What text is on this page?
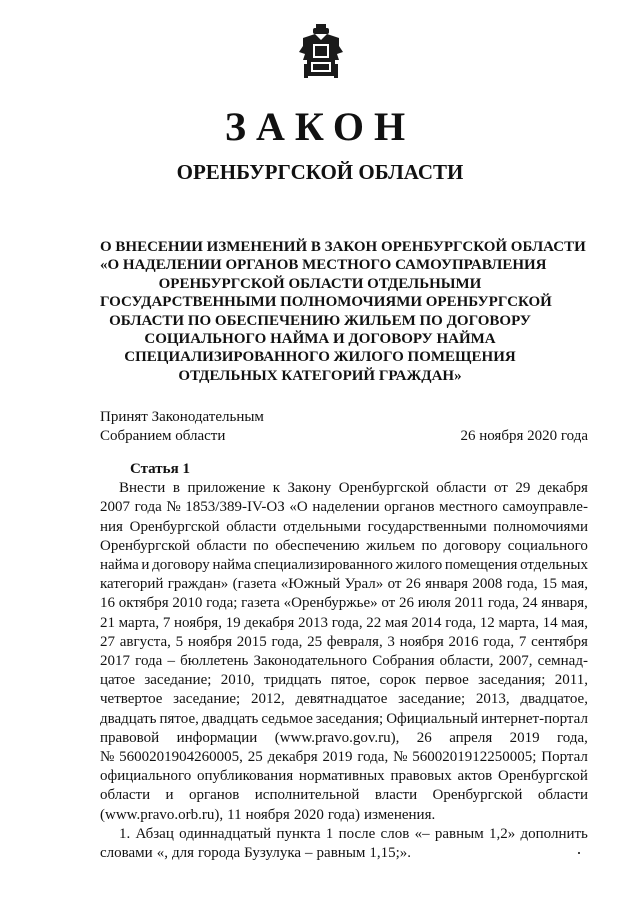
ЗАКОН
ОРЕНБУРГСКОЙ ОБЛАСТИ
О ВНЕСЕНИИ ИЗМЕНЕНИЙ В ЗАКОН ОРЕНБУРГСКОЙ ОБЛАСТИ
«О НАДЕЛЕНИИ ОРГАНОВ МЕСТНОГО САМОУПРАВЛЕНИЯ
ОРЕНБУРГСКОЙ ОБЛАСТИ ОТДЕЛЬНЫМИ
ГОСУДАРСТВЕННЫМИ ПОЛНОМОЧИЯМИ ОРЕНБУРГСКОЙ
ОБЛАСТИ ПО ОБЕСПЕЧЕНИЮ ЖИЛЬЕМ ПО ДОГОВОРУ
СОЦИАЛЬНОГО НАЙМА И ДОГОВОРУ НАЙМА
СПЕЦИАЛИЗИРОВАННОГО ЖИЛОГО ПОМЕЩЕНИЯ
ОТДЕЛЬНЫХ КАТЕГОРИЙ ГРАЖДАН»
Принят Законодательным
Собранием области	26 ноября 2020 года
Статья 1
Внести в приложение к Закону Оренбургской области от 29 декабря
2007 года № 1853/389-IV-ОЗ «О наделении органов местного самоуправле-
ния Оренбургской области отдельными государственными полномочиями
Оренбургской области по обеспечению жильем по договору социального
найма и договору найма специализированного жилого помещения отдельных
категорий граждан» (газета «Южный Урал» от 26 января 2008 года, 15 мая,
16 октября 2010 года; газета «Оренбуржье» от 26 июля 2011 года, 24 января,
21 марта, 7 ноября, 19 декабря 2013 года, 22 мая 2014 года, 12 марта, 14 мая,
27 августа, 5 ноября 2015 года, 25 февраля, 3 ноября 2016 года, 7 сентября
2017 года – бюллетень Законодательного Собрания области, 2007, семнад-
цатое заседание; 2010, тридцать пятое, сорок первое заседания; 2011,
четвертое заседание; 2012, девятнадцатое заседание; 2013, двадцатое,
двадцать пятое, двадцать седьмое заседания; Официальный интернет-портал
правовой информации (www.pravo.gov.ru), 26 апреля 2019 года,
№ 5600201904260005, 25 декабря 2019 года, № 5600201912250005; Портал
официального опубликования нормативных правовых актов Оренбургской
области и органов исполнительной власти Оренбургской области
(www.pravo.orb.ru), 11 ноября 2020 года) изменения.
1. Абзац одиннадцатый пункта 1 после слов «– равным 1,2» дополнить
словами «, для города Бузулука – равным 1,15;».
